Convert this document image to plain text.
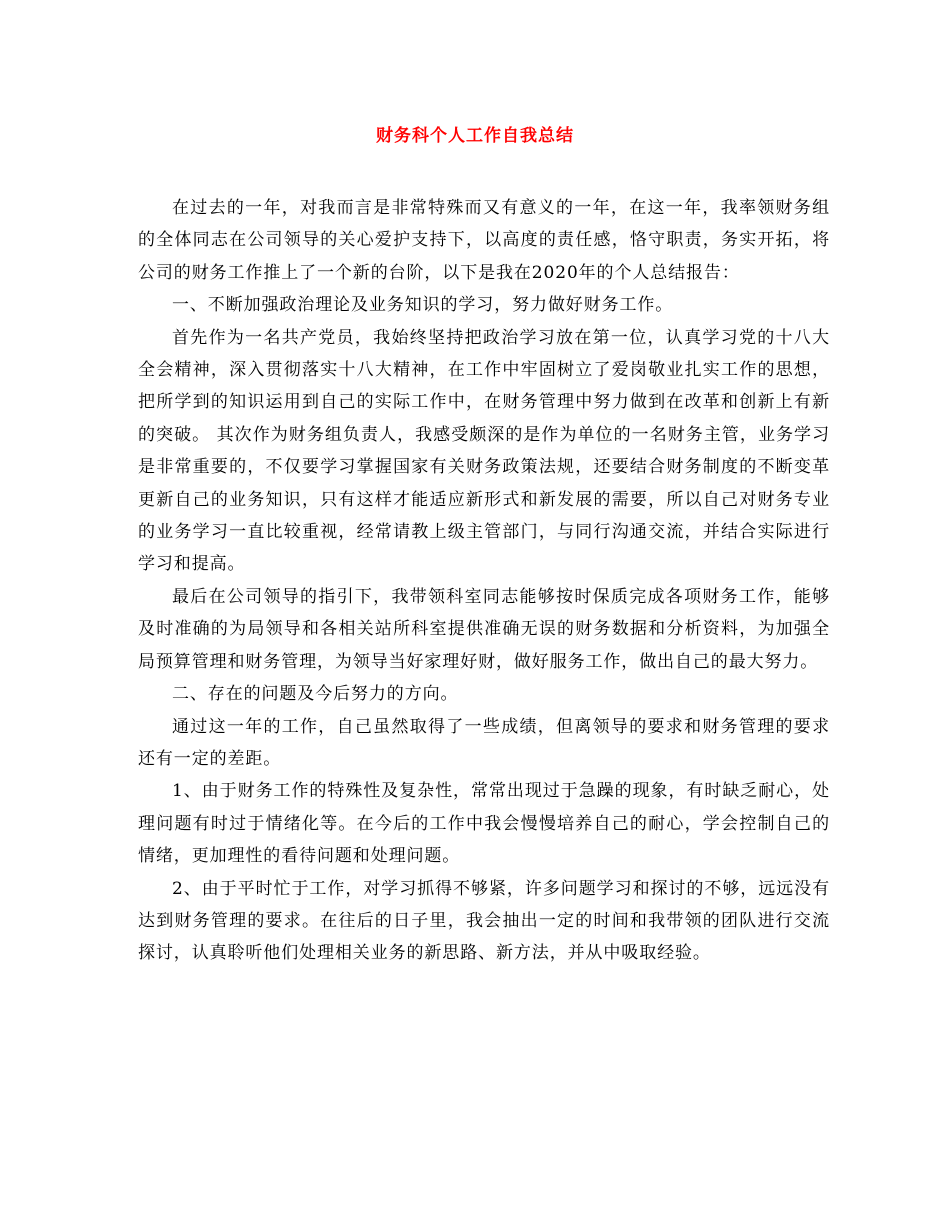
财务科个人工作自我总结

在过去的一年，对我而言是非常特殊而又有意义的一年，在这一年，我率领财务组的全体同志在公司领导的关心爱护支持下，以高度的责任感，恪守职责，务实开拓，将公司的财务工作推上了一个新的台阶，以下是我在2020年的个人总结报告：

一、不断加强政治理论及业务知识的学习，努力做好财务工作。

首先作为一名共产党员，我始终坚持把政治学习放在第一位，认真学习党的十八大全会精神，深入贯彻落实十八大精神，在工作中牢固树立了爱岗敬业扎实工作的思想，把所学到的知识运用到自己的实际工作中，在财务管理中努力做到在改革和创新上有新的突破。 其次作为财务组负责人，我感受颇深的是作为单位的一名财务主管，业务学习是非常重要的，不仅要学习掌握国家有关财务政策法规，还要结合财务制度的不断变革更新自己的业务知识，只有这样才能适应新形式和新发展的需要，所以自己对财务专业的业务学习一直比较重视，经常请教上级主管部门，与同行沟通交流，并结合实际进行学习和提高。

最后在公司领导的指引下，我带领科室同志能够按时保质完成各项财务工作，能够及时准确的为局领导和各相关站所科室提供准确无误的财务数据和分析资料，为加强全局预算管理和财务管理，为领导当好家理好财，做好服务工作，做出自己的最大努力。

二、存在的问题及今后努力的方向。

通过这一年的工作，自己虽然取得了一些成绩，但离领导的要求和财务管理的要求还有一定的差距。

1、由于财务工作的特殊性及复杂性，常常出现过于急躁的现象，有时缺乏耐心，处理问题有时过于情绪化等。在今后的工作中我会慢慢培养自己的耐心，学会控制自己的情绪，更加理性的看待问题和处理问题。

2、由于平时忙于工作，对学习抓得不够紧，许多问题学习和探讨的不够，远远没有达到财务管理的要求。在往后的日子里，我会抽出一定的时间和我带领的团队进行交流探讨，认真聆听他们处理相关业务的新思路、新方法，并从中吸取经验。
